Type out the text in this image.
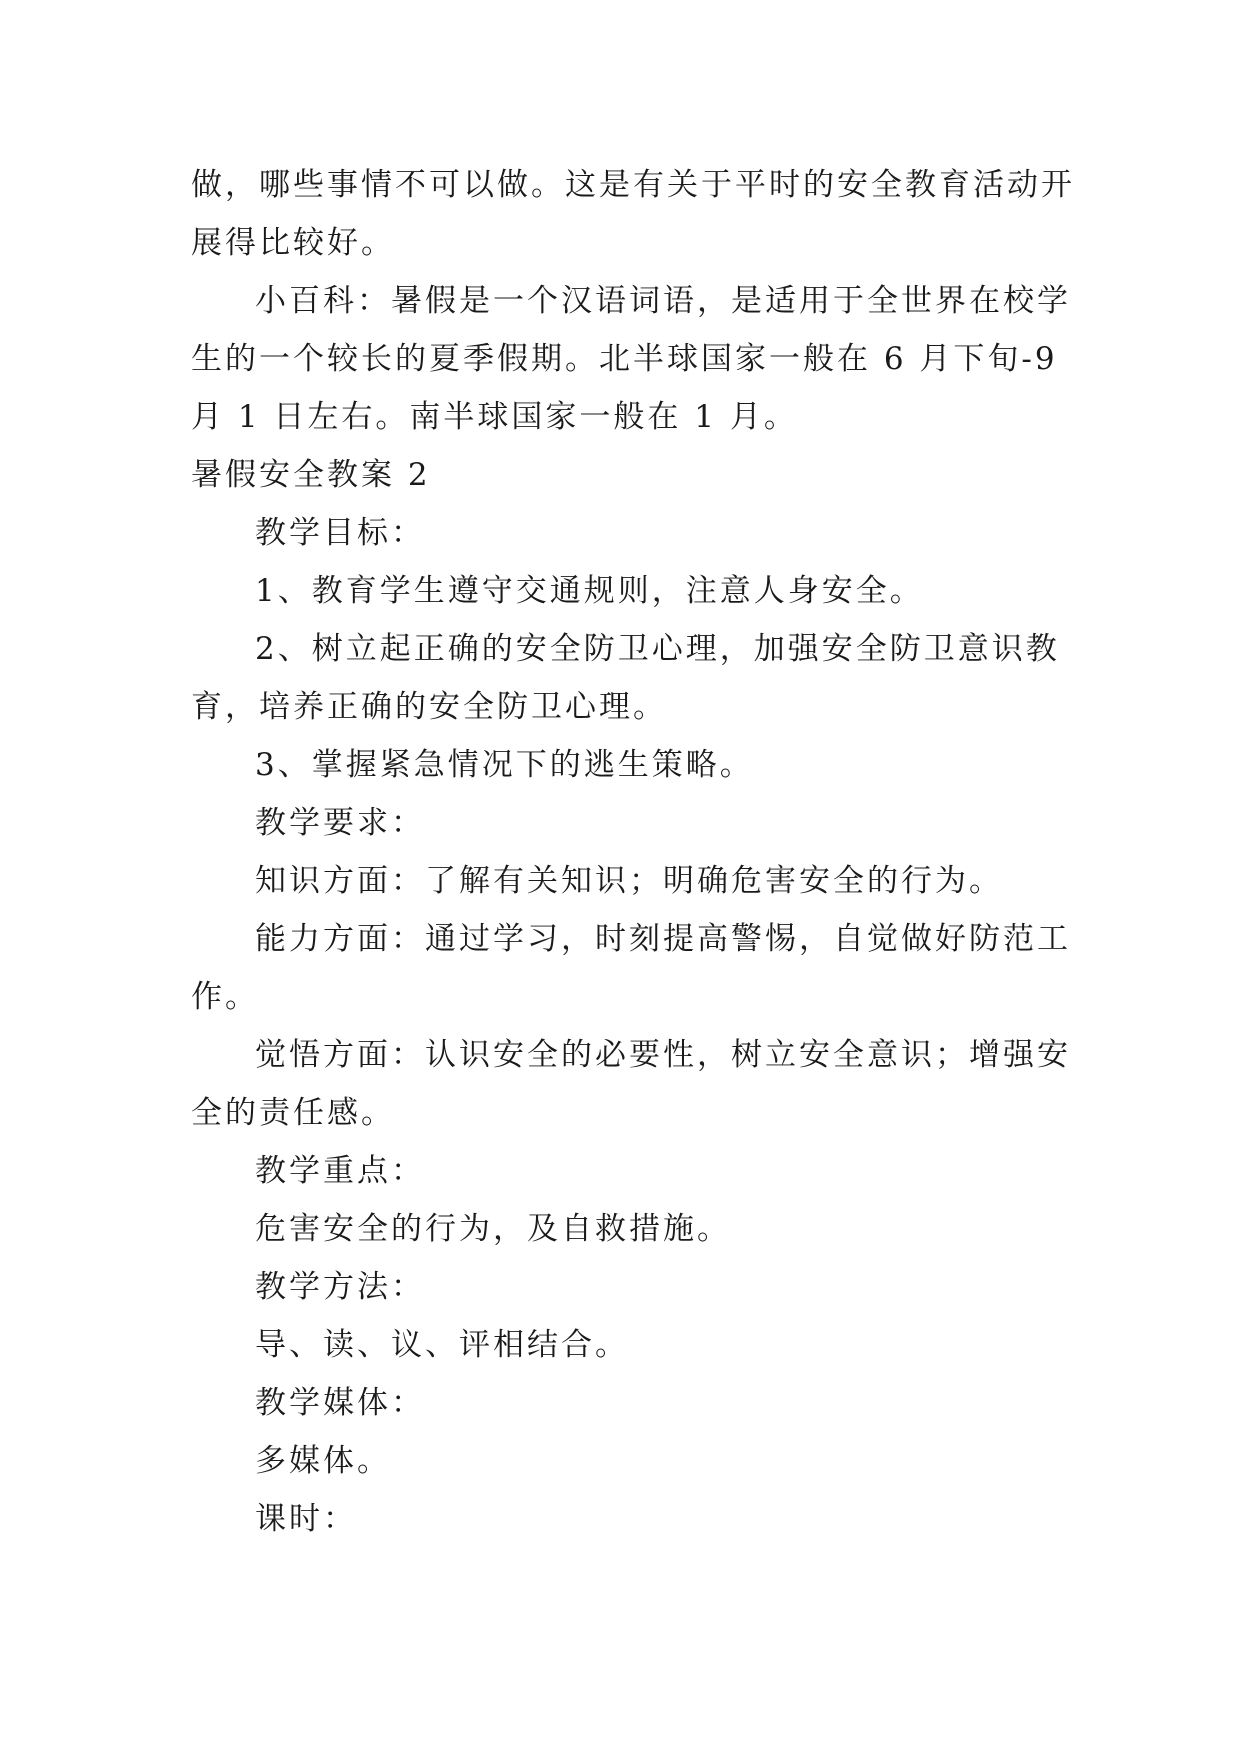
做，哪些事情不可以做。这是有关于平时的安全教育活动开
展得比较好。
小百科：暑假是一个汉语词语，是适用于全世界在校学
生的一个较长的夏季假期。北半球国家一般在 6 月下旬-9
月 1 日左右。南半球国家一般在 1 月。
暑假安全教案 2
教学目标：
1、教育学生遵守交通规则，注意人身安全。
2、树立起正确的安全防卫心理，加强安全防卫意识教
育，培养正确的安全防卫心理。
3、掌握紧急情况下的逃生策略。
教学要求：
知识方面：了解有关知识；明确危害安全的行为。
能力方面：通过学习，时刻提高警惕，自觉做好防范工
作。
觉悟方面：认识安全的必要性，树立安全意识；增强安
全的责任感。
教学重点：
危害安全的行为，及自救措施。
教学方法：
导、读、议、评相结合。
教学媒体：
多媒体。
课时：
